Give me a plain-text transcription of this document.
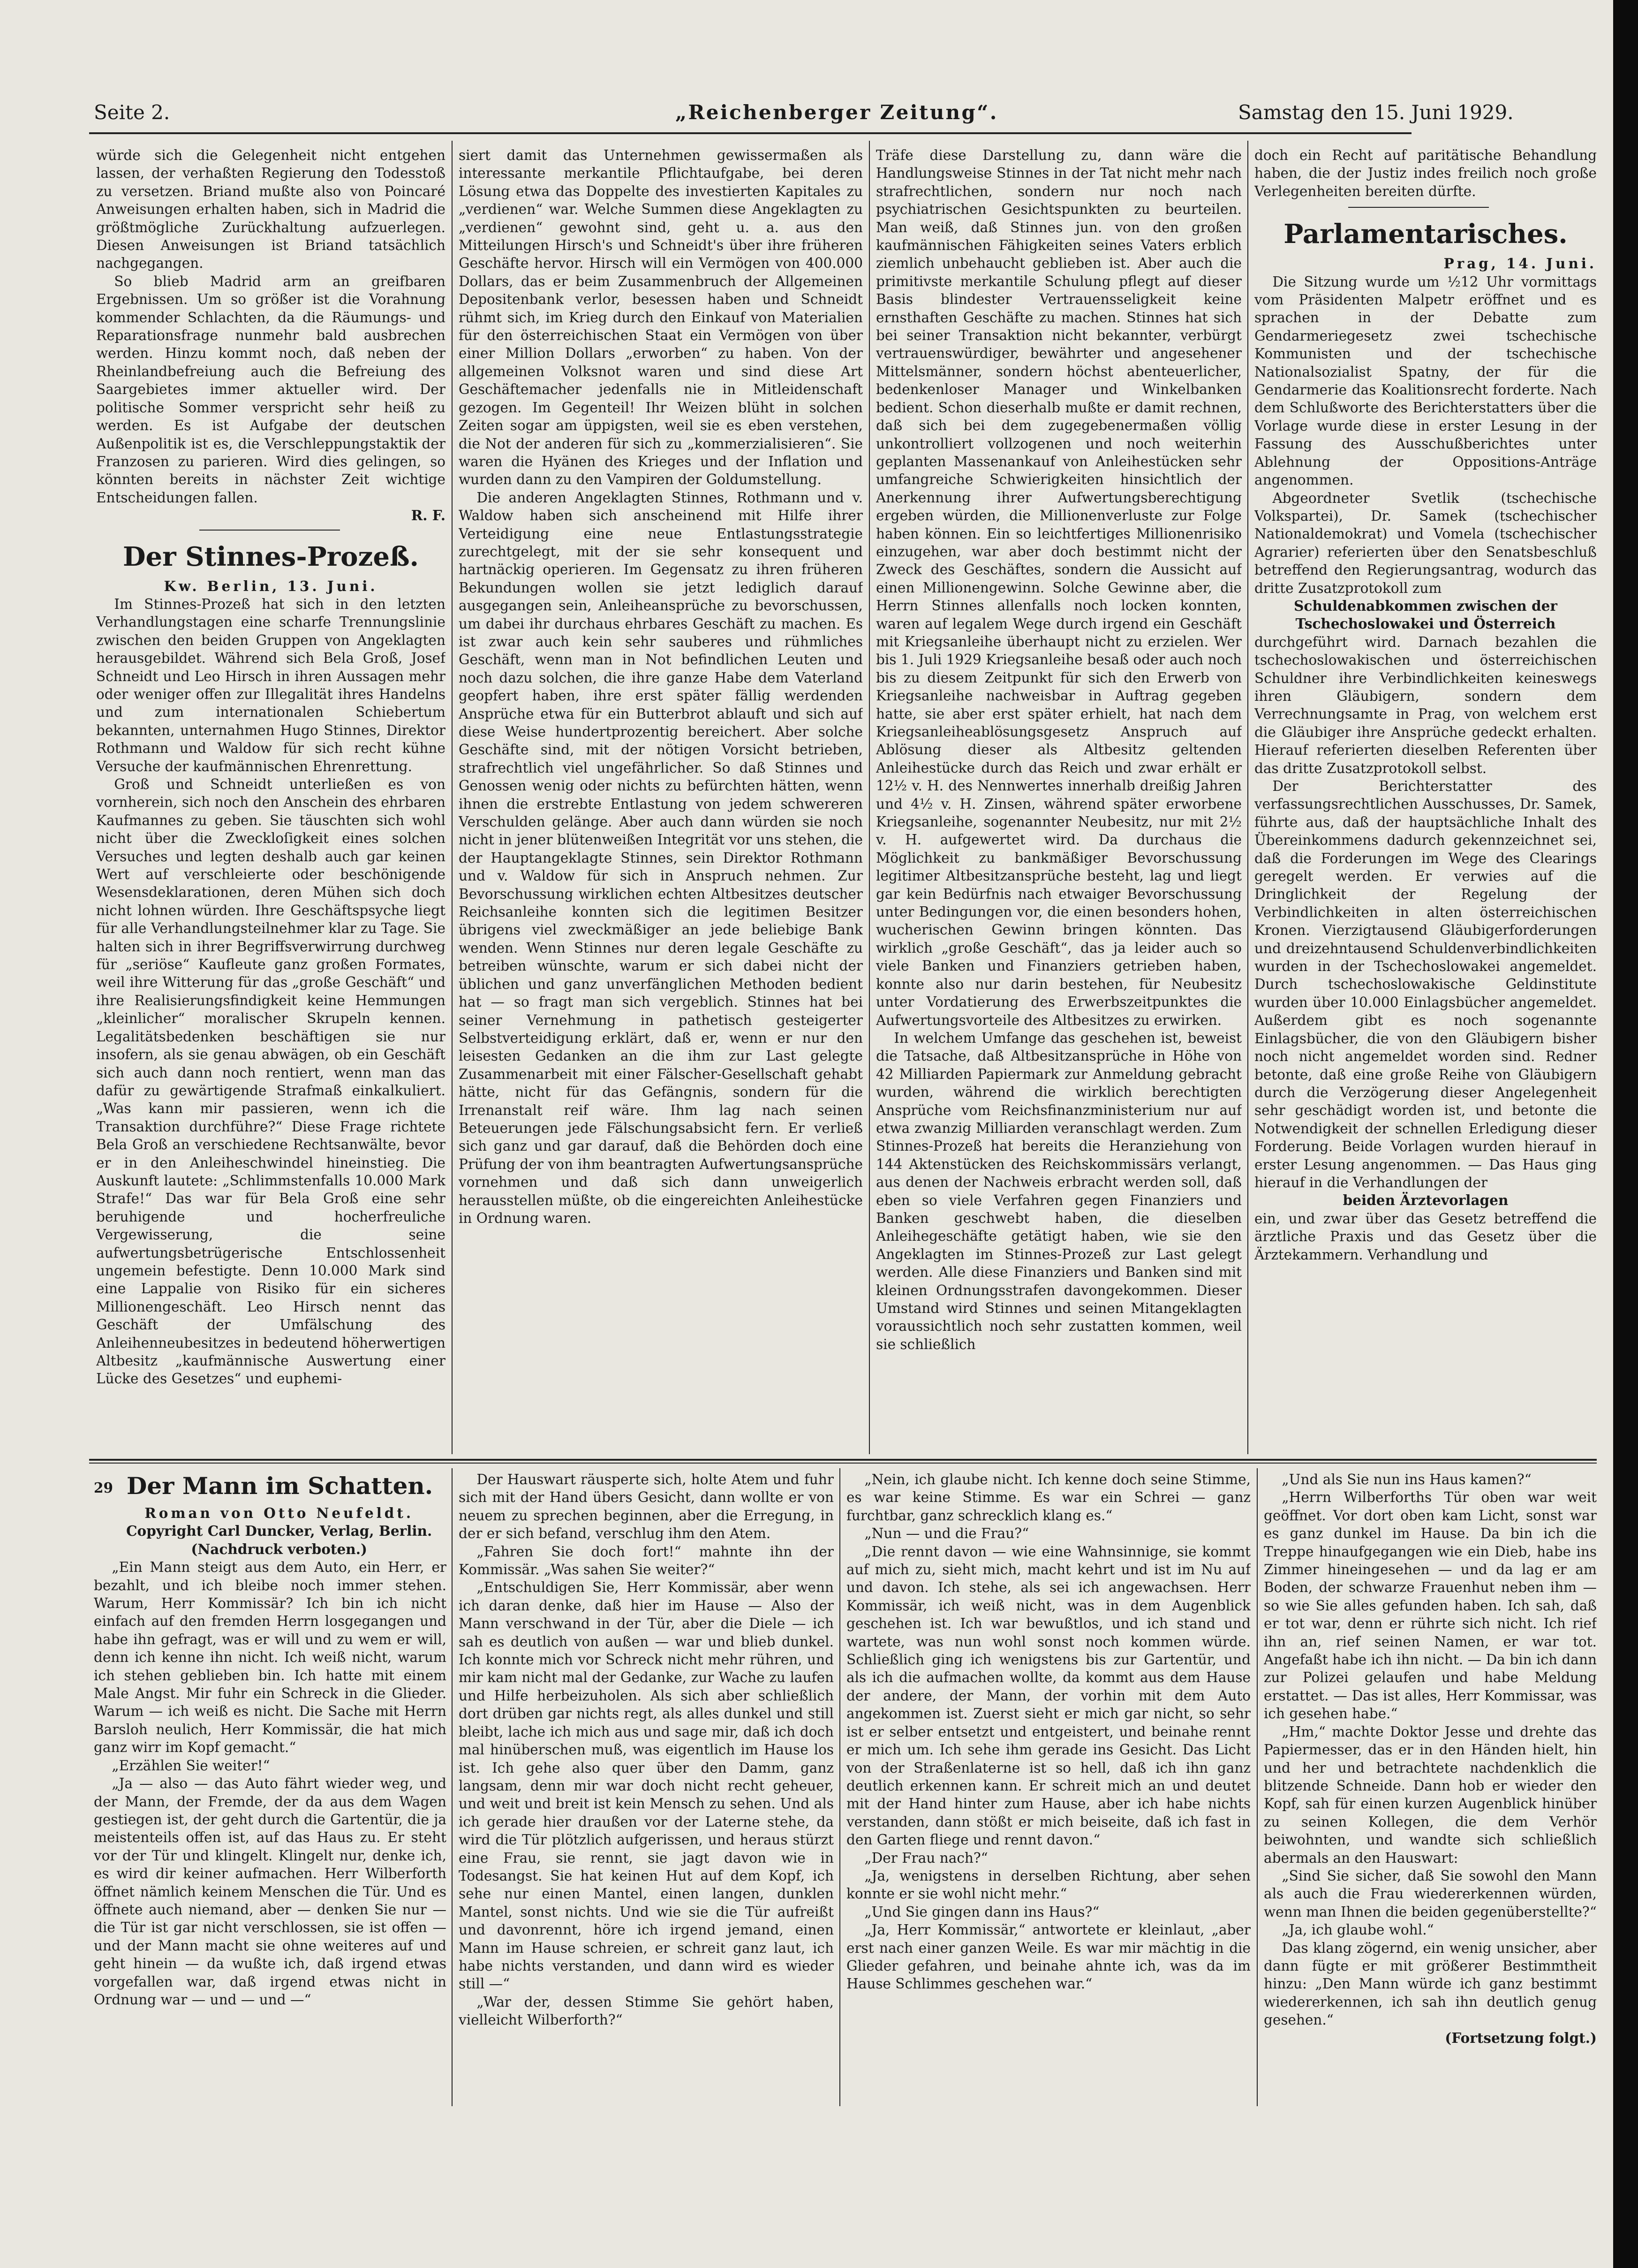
Seite 2.	„Reichenberger Zeitung“.	Samstag den 15. Juni 1929.

würde sich die Gelegenheit nicht entgehen lassen, der verhaßten Regierung den Todesstoß zu versetzen. Briand mußte also von Poincaré Anweisungen erhalten haben, sich in Madrid die größtmögliche Zurückhaltung aufzuerlegen. Diesen Anweisungen ist Briand tatsächlich nachgegangen.

So blieb Madrid arm an greifbaren Ergebnissen. Um so größer ist die Vorahnung kommender Schlachten, da die Räumungs- und Reparationsfrage nunmehr bald ausbrechen werden. Hinzu kommt noch, daß neben der Rheinlandbefreiung auch die Befreiung des Saargebietes immer aktueller wird. Der politische Sommer verspricht sehr heiß zu werden. Es ist Aufgabe der deutschen Außenpolitik ist es, die Verschleppungstaktik der Franzosen zu parieren. Wird dies gelingen, so könnten bereits in nächster Zeit wichtige Entscheidungen fallen.

R. F.

Der Stinnes-Prozeß.

Kw. Berlin, 13. Juni.

Im Stinnes-Prozeß hat sich in den letzten Verhandlungstagen eine scharfe Trennungslinie zwischen den beiden Gruppen von Angeklagten herausgebildet. Während sich Bela Groß, Josef Schneidt und Leo Hirsch in ihren Aussagen mehr oder weniger offen zur Illegalität ihres Handelns und zum internationalen Schiebertum bekannten, unternahmen Hugo Stinnes, Direktor Rothmann und Waldow für sich recht kühne Versuche der kaufmännischen Ehrenrettung.

Groß und Schneidt unterließen es von vornherein, sich noch den Anschein des ehrbaren Kaufmannes zu geben. Sie täuschten sich wohl nicht über die Zweckloſigkeit eines solchen Versuches und legten deshalb auch gar keinen Wert auf verschleierte oder beschönigende Wesensdeklarationen, deren Mühen sich doch nicht lohnen würden. Ihre Geschäftspsyche liegt für alle Verhandlungsteilnehmer klar zu Tage. Sie halten sich in ihrer Begriffsverwirrung durchweg für „seriöse“ Kaufleute ganz großen Formates, weil ihre Witterung für das „große Geschäft“ und ihre Realisierungsfindigkeit keine Hemmungen „kleinlicher“ moralischer Skrupeln kennen. Legalitätsbedenken beschäftigen sie nur insofern, als sie genau abwägen, ob ein Geschäft sich auch dann noch rentiert, wenn man das dafür zu gewärtigende Strafmaß einkalkuliert. „Was kann mir passieren, wenn ich die Transaktion durchführe?“ Diese Frage richtete Bela Groß an verschiedene Rechtsanwälte, bevor er in den Anleiheschwindel hineinstieg. Die Auskunft lautete: „Schlimmstenfalls 10.000 Mark Strafe!“ Das war für Bela Groß eine sehr beruhigende und hocherfreuliche Vergewisserung, die seine aufwertungsbetrügerische Entschlossenheit ungemein befestigte. Denn 10.000 Mark sind eine Lappalie von Risiko für ein sicheres Millionengeschäft. Leo Hirsch nennt das Geschäft der Umfälschung des Anleihenneubesitzes in bedeutend höherwertigen Altbesitz „kaufmännische Auswertung einer Lücke des Gesetzes“ und euphemi-

siert damit das Unternehmen gewissermaßen als interessante merkantile Pflichtaufgabe, bei deren Lösung etwa das Doppelte des investierten Kapitales zu „verdienen“ war. Welche Summen diese Angeklagten zu „verdienen“ gewohnt sind, geht u. a. aus den Mitteilungen Hirsch's und Schneidt's über ihre früheren Geschäfte hervor. Hirsch will ein Vermögen von 400.000 Dollars, das er beim Zusammenbruch der Allgemeinen Depositenbank verlor, besessen haben und Schneidt rühmt sich, im Krieg durch den Einkauf von Materialien für den österreichischen Staat ein Vermögen von über einer Million Dollars „erworben“ zu haben. Von der allgemeinen Volksnot waren und sind diese Art Geschäftemacher jedenfalls nie in Mitleidenschaft gezogen. Im Gegenteil! Ihr Weizen blüht in solchen Zeiten sogar am üppigsten, weil sie es eben verstehen, die Not der anderen für sich zu „kommerzialisieren“. Sie waren die Hyänen des Krieges und der Inflation und wurden dann zu den Vampiren der Goldumstellung.

Die anderen Angeklagten Stinnes, Rothmann und v. Waldow haben sich anscheinend mit Hilfe ihrer Verteidigung eine neue Entlastungsstrategie zurechtgelegt, mit der sie sehr konsequent und hartnäckig operieren. Im Gegensatz zu ihren früheren Bekundungen wollen sie jetzt lediglich darauf ausgegangen sein, Anleiheansprüche zu bevorschussen, um dabei ihr durchaus ehrbares Geschäft zu machen. Es ist zwar auch kein sehr sauberes und rühmliches Geschäft, wenn man in Not befindlichen Leuten und noch dazu solchen, die ihre ganze Habe dem Vaterland geopfert haben, ihre erst später fällig werdenden Ansprüche etwa für ein Butterbrot ablauft und sich auf diese Weise hundertprozentig bereichert. Aber solche Geschäfte sind, mit der nötigen Vorsicht betrieben, strafrechtlich viel ungefährlicher. So daß Stinnes und Genossen wenig oder nichts zu befürchten hätten, wenn ihnen die erstrebte Entlastung von jedem schwereren Verschulden gelänge. Aber auch dann würden sie noch nicht in jener blütenweißen Integrität vor uns stehen, die der Hauptangeklagte Stinnes, sein Direktor Rothmann und v. Waldow für sich in Anspruch nehmen. Zur Bevorschussung wirklichen echten Altbesitzes deutscher Reichsanleihe konnten sich die legitimen Besitzer übrigens viel zweckmäßiger an jede beliebige Bank wenden. Wenn Stinnes nur deren legale Geschäfte zu betreiben wünschte, warum er sich dabei nicht der üblichen und ganz unverfänglichen Methoden bedient hat — so fragt man sich vergeblich. Stinnes hat bei seiner Vernehmung in pathetisch gesteigerter Selbstverteidigung erklärt, daß er, wenn er nur den leisesten Gedanken an die ihm zur Last gelegte Zusammenarbeit mit einer Fälscher-Gesellschaft gehabt hätte, nicht für das Gefängnis, sondern für die Irrenanstalt reif wäre. Ihm lag nach seinen Beteuerungen jede Fälschungsabsicht fern. Er verließ sich ganz und gar darauf, daß die Behörden doch eine Prüfung der von ihm beantragten Aufwertungsansprüche vornehmen und daß sich dann unweigerlich herausstellen müßte, ob die eingereichten Anleihestücke in Ordnung waren.

Träfe diese Darstellung zu, dann wäre die Handlungsweise Stinnes in der Tat nicht mehr nach strafrechtlichen, sondern nur noch nach psychiatrischen Gesichtspunkten zu beurteilen. Man weiß, daß Stinnes jun. von den großen kaufmännischen Fähigkeiten seines Vaters erblich ziemlich unbehaucht geblieben ist. Aber auch die primitivste merkantile Schulung pflegt auf dieser Basis blindester Vertrauensseligkeit keine ernsthaften Geschäfte zu machen. Stinnes hat sich bei seiner Transaktion nicht bekannter, verbürgt vertrauenswürdiger, bewährter und angesehener Mittelsmänner, sondern höchst abenteuerlicher, bedenkenloser Manager und Winkelbanken bedient. Schon dieserhalb mußte er damit rechnen, daß sich bei dem zugegebenermaßen völlig unkontrolliert vollzogenen und noch weiterhin geplanten Massenankauf von Anleihestücken sehr umfangreiche Schwierigkeiten hinsichtlich der Anerkennung ihrer Aufwertungsberechtigung ergeben würden, die Millionenverluste zur Folge haben können. Ein so leichtfertiges Millionenrisiko einzugehen, war aber doch bestimmt nicht der Zweck des Geschäftes, sondern die Aussicht auf einen Millionengewinn. Solche Gewinne aber, die Herrn Stinnes allenfalls noch locken konnten, waren auf legalem Wege durch irgend ein Geschäft mit Kriegsanleihe überhaupt nicht zu erzielen. Wer bis 1. Juli 1929 Kriegsanleihe besaß oder auch noch bis zu diesem Zeitpunkt für sich den Erwerb von Kriegsanleihe nachweisbar in Auftrag gegeben hatte, sie aber erst später erhielt, hat nach dem Kriegsanleiheablösungsgesetz Anspruch auf Ablösung dieser als Altbesitz geltenden Anleihestücke durch das Reich und zwar erhält er 12½ v. H. des Nennwertes innerhalb dreißig Jahren und 4½ v. H. Zinsen, während später erworbene Kriegsanleihe, sogenannter Neubesitz, nur mit 2½ v. H. aufgewertet wird. Da durchaus die Möglichkeit zu bankmäßiger Bevorschussung legitimer Altbesitzansprüche besteht, lag und liegt gar kein Bedürfnis nach etwaiger Bevorschussung unter Bedingungen vor, die einen besonders hohen, wucherischen Gewinn bringen könnten. Das wirklich „große Geschäft“, das ja leider auch so viele Banken und Finanziers getrieben haben, konnte also nur darin bestehen, für Neubesitz unter Vordatierung des Erwerbszeitpunktes die Aufwertungsvorteile des Altbesitzes zu erwirken.

In welchem Umfange das geschehen ist, beweist die Tatsache, daß Altbesitzansprüche in Höhe von 42 Milliarden Papiermark zur Anmeldung gebracht wurden, während die wirklich berechtigten Ansprüche vom Reichsfinanzministerium nur auf etwa zwanzig Milliarden veranschlagt werden. Zum Stinnes-Prozeß hat bereits die Heranziehung von 144 Aktenstücken des Reichskommissärs verlangt, aus denen der Nachweis erbracht werden soll, daß eben so viele Verfahren gegen Finanziers und Banken geschwebt haben, die dieselben Anleihegeschäfte getätigt haben, wie sie den Angeklagten im Stinnes-Prozeß zur Last gelegt werden. Alle diese Finanziers und Banken sind mit kleinen Ordnungsstrafen davongekommen. Dieser Umstand wird Stinnes und seinen Mitangeklagten voraussichtlich noch sehr zustatten kommen, weil sie schließlich

doch ein Recht auf paritätische Behandlung haben, die der Justiz indes freilich noch große Verlegenheiten bereiten dürfte.

Parlamentarisches.

Prag, 14. Juni.

Die Sitzung wurde um ½12 Uhr vormittags vom Präsidenten Malpetr eröffnet und es sprachen in der Debatte zum Gendarmeriegesetz zwei tschechische Kommunisten und der tschechische Nationalsozialist Spatny, der für die Gendarmerie das Koalitionsrecht forderte. Nach dem Schlußworte des Berichterstatters über die Vorlage wurde diese in erster Lesung in der Fassung des Ausschußberichtes unter Ablehnung der Oppositions-Anträge angenommen.

Abgeordneter Svetlik (tschechische Volkspartei), Dr. Samek (tschechischer Nationaldemokrat) und Vomela (tschechischer Agrarier) referierten über den Senatsbeschluß betreffend den Regierungsantrag, wodurch das dritte Zusatzprotokoll zum

Schuldenabkommen zwischen der Tschechoslowakei und Österreich

durchgeführt wird. Darnach bezahlen die tschechoslowakischen und österreichischen Schuldner ihre Verbindlichkeiten keineswegs ihren Gläubigern, sondern dem Verrechnungsamte in Prag, von welchem erst die Gläubiger ihre Ansprüche gedeckt erhalten. Hierauf referierten dieselben Referenten über das dritte Zusatzprotokoll selbst.

Der Berichterstatter des verfassungsrechtlichen Ausschusses, Dr. Samek, führte aus, daß der hauptsächliche Inhalt des Übereinkommens dadurch gekennzeichnet sei, daß die Forderungen im Wege des Clearings geregelt werden. Er verwies auf die Dringlichkeit der Regelung der Verbindlichkeiten in alten österreichischen Kronen. Vierzigtausend Gläubigerforderungen und dreizehntausend Schuldenverbindlichkeiten wurden in der Tschechoslowakei angemeldet. Durch tschechoslowakische Geldinstitute wurden über 10.000 Einlagsbücher angemeldet. Außerdem gibt es noch sogenannte Einlagsbücher, die von den Gläubigern bisher noch nicht angemeldet worden sind. Redner betonte, daß eine große Reihe von Gläubigern durch die Verzögerung dieser Angelegenheit sehr geschädigt worden ist, und betonte die Notwendigkeit der schnellen Erledigung dieser Forderung. Beide Vorlagen wurden hierauf in erster Lesung angenommen. — Das Haus ging hierauf in die Verhandlungen der

beiden Ärztevorlagen

ein, und zwar über das Gesetz betreffend die ärztliche Praxis und das Gesetz über die Ärztekammern. Verhandlung und

29 Der Mann im Schatten.

Roman von Otto Neufeldt.

Copyright Carl Duncker, Verlag, Berlin.

(Nachdruck verboten.)

„Ein Mann steigt aus dem Auto, ein Herr, er bezahlt, und ich bleibe noch immer stehen. Warum, Herr Kommissär? Ich bin ich nicht einfach auf den fremden Herrn losgegangen und habe ihn gefragt, was er will und zu wem er will, denn ich kenne ihn nicht. Ich weiß nicht, warum ich stehen geblieben bin. Ich hatte mit einem Male Angst. Mir fuhr ein Schreck in die Glieder. Warum — ich weiß es nicht. Die Sache mit Herrn Barsloh neulich, Herr Kommissär, die hat mich ganz wirr im Kopf gemacht.“

„Erzählen Sie weiter!“

„Ja — also — das Auto fährt wieder weg, und der Mann, der Fremde, der da aus dem Wagen gestiegen ist, der geht durch die Gartentür, die ja meistenteils offen ist, auf das Haus zu. Er steht vor der Tür und klingelt. Klingelt nur, denke ich, es wird dir keiner aufmachen. Herr Wilberforth öffnet nämlich keinem Menschen die Tür. Und es öffnete auch niemand, aber — denken Sie nur — die Tür ist gar nicht verschlossen, sie ist offen — und der Mann macht sie ohne weiteres auf und geht hinein — da wußte ich, daß irgend etwas vorgefallen war, daß irgend etwas nicht in Ordnung war — und — und —“

Der Hauswart räusperte sich, holte Atem und fuhr sich mit der Hand übers Gesicht, dann wollte er von neuem zu sprechen beginnen, aber die Erregung, in der er sich befand, verschlug ihm den Atem.

„Fahren Sie doch fort!“ mahnte ihn der Kommissär. „Was sahen Sie weiter?“

„Entschuldigen Sie, Herr Kommissär, aber wenn ich daran denke, daß hier im Hause — Also der Mann verschwand in der Tür, aber die Diele — ich sah es deutlich von außen — war und blieb dunkel. Ich konnte mich vor Schreck nicht mehr rühren, und mir kam nicht mal der Gedanke, zur Wache zu laufen und Hilfe herbeizuholen. Als sich aber schließlich dort drüben gar nichts regt, als alles dunkel und still bleibt, lache ich mich aus und sage mir, daß ich doch mal hinüberschen muß, was eigentlich im Hause los ist. Ich gehe also quer über den Damm, ganz langsam, denn mir war doch nicht recht geheuer, und weit und breit ist kein Mensch zu sehen. Und als ich gerade hier draußen vor der Laterne stehe, da wird die Tür plötzlich aufgerissen, und heraus stürzt eine Frau, sie rennt, sie jagt davon wie in Todesangst. Sie hat keinen Hut auf dem Kopf, ich sehe nur einen Mantel, einen langen, dunklen Mantel, sonst nichts. Und wie sie die Tür aufreißt und davonrennt, höre ich irgend jemand, einen Mann im Hause schreien, er schreit ganz laut, ich habe nichts verstanden, und dann wird es wieder still —“

„War der, dessen Stimme Sie gehört haben, vielleicht Wilberforth?“

„Nein, ich glaube nicht. Ich kenne doch seine Stimme, es war keine Stimme. Es war ein Schrei — ganz furchtbar, ganz schrecklich klang es.“

„Nun — und die Frau?“

„Die rennt davon — wie eine Wahnsinnige, sie kommt auf mich zu, sieht mich, macht kehrt und ist im Nu auf und davon. Ich stehe, als sei ich angewachsen. Herr Kommissär, ich weiß nicht, was in dem Augenblick geschehen ist. Ich war bewußtlos, und ich stand und wartete, was nun wohl sonst noch kommen würde. Schließlich ging ich wenigstens bis zur Gartentür, und als ich die aufmachen wollte, da kommt aus dem Hause der andere, der Mann, der vorhin mit dem Auto angekommen ist. Zuerst sieht er mich gar nicht, so sehr ist er selber entsetzt und entgeistert, und beinahe rennt er mich um. Ich sehe ihm gerade ins Gesicht. Das Licht von der Straßenlaterne ist so hell, daß ich ihn ganz deutlich erkennen kann. Er schreit mich an und deutet mit der Hand hinter zum Hause, aber ich habe nichts verstanden, dann stößt er mich beiseite, daß ich fast in den Garten fliege und rennt davon.“

„Der Frau nach?“

„Ja, wenigstens in derselben Richtung, aber sehen konnte er sie wohl nicht mehr.“

„Und Sie gingen dann ins Haus?“

„Ja, Herr Kommissär,“ antwortete er kleinlaut, „aber erst nach einer ganzen Weile. Es war mir mächtig in die Glieder gefahren, und beinahe ahnte ich, was da im Hause Schlimmes geschehen war.“

„Und als Sie nun ins Haus kamen?“

„Herrn Wilberforths Tür oben war weit geöffnet. Vor dort oben kam Licht, sonst war es ganz dunkel im Hause. Da bin ich die Treppe hinaufgegangen wie ein Dieb, habe ins Zimmer hineingesehen — und da lag er am Boden, der schwarze Frauenhut neben ihm — so wie Sie alles gefunden haben. Ich sah, daß er tot war, denn er rührte sich nicht. Ich rief ihn an, rief seinen Namen, er war tot. Angefaßt habe ich ihn nicht. — Da bin ich dann zur Polizei gelaufen und habe Meldung erstattet. — Das ist alles, Herr Kommissar, was ich gesehen habe.“

„Hm,“ machte Doktor Jesse und drehte das Papiermesser, das er in den Händen hielt, hin und her und betrachtete nachdenklich die blitzende Schneide. Dann hob er wieder den Kopf, sah für einen kurzen Augenblick hinüber zu seinen Kollegen, die dem Verhör beiwohnten, und wandte sich schließlich abermals an den Hauswart:

„Sind Sie sicher, daß Sie sowohl den Mann als auch die Frau wiedererkennen würden, wenn man Ihnen die beiden gegenüberstellte?“

„Ja, ich glaube wohl.“

Das klang zögernd, ein wenig unsicher, aber dann fügte er mit größerer Bestimmtheit hinzu: „Den Mann würde ich ganz bestimmt wiedererkennen, ich sah ihn deutlich genug gesehen.“

(Fortsetzung folgt.)
